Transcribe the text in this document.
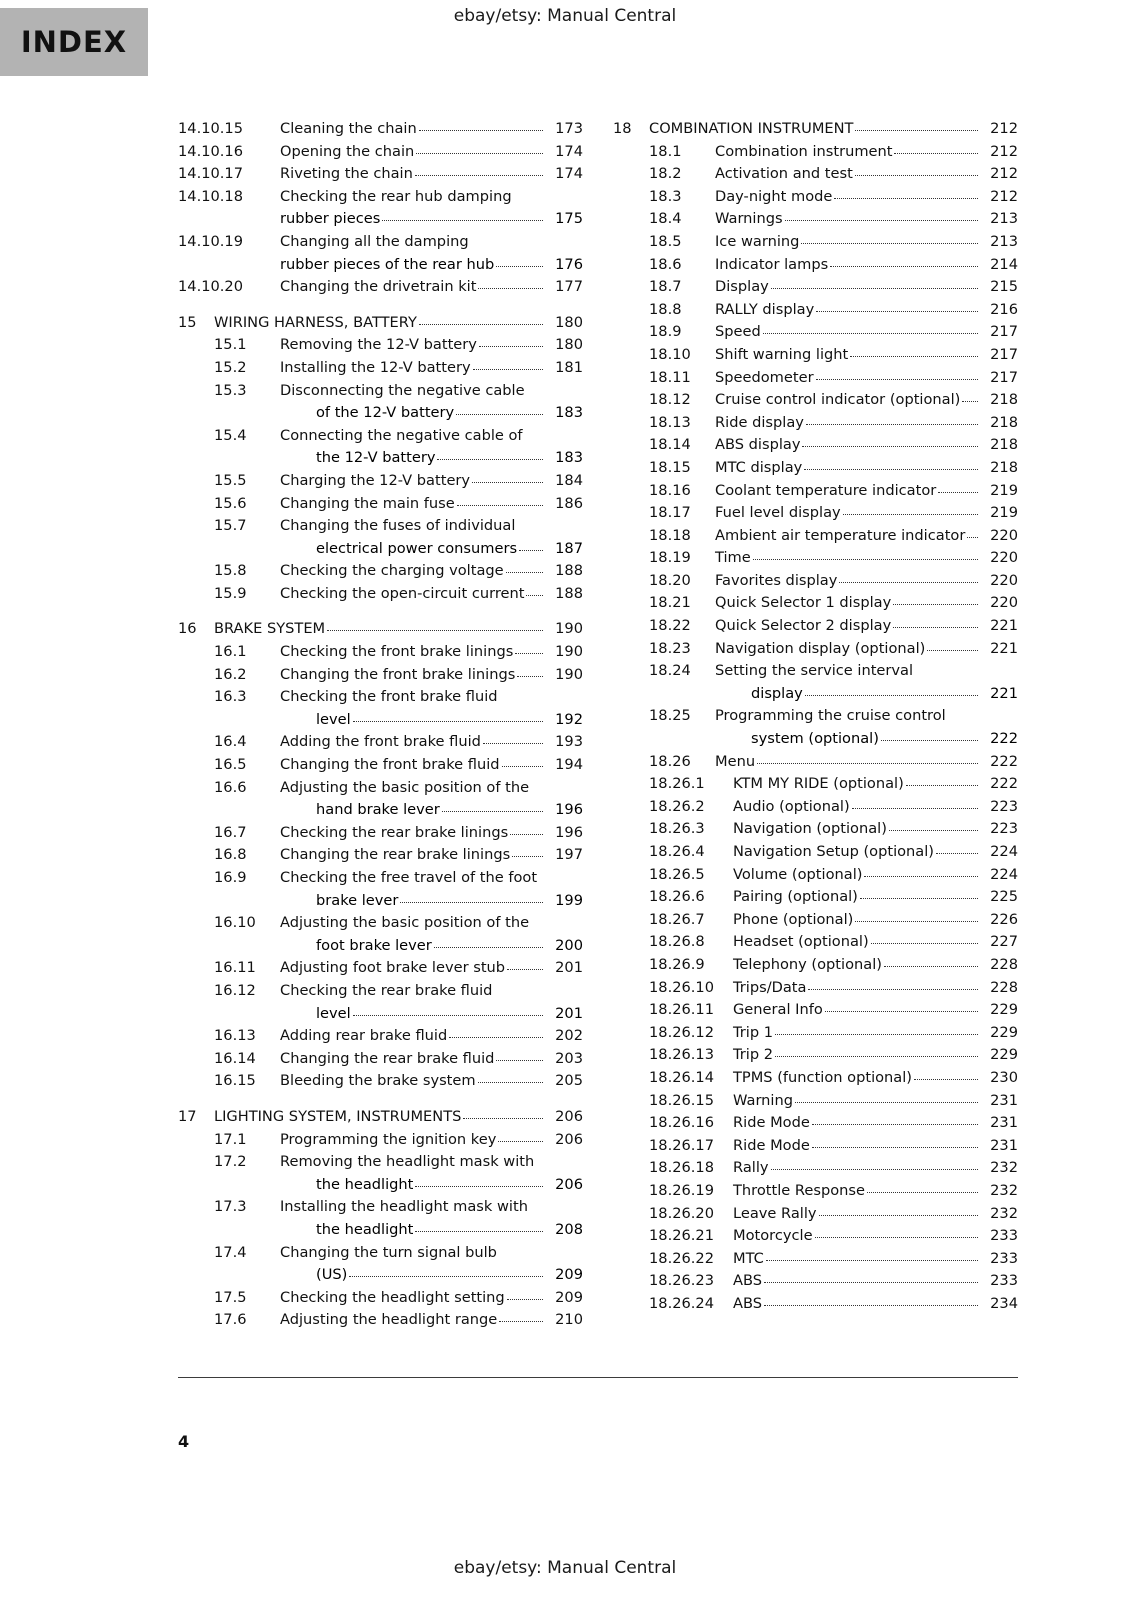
ebay/etsy: Manual Central
INDEX
14.10.15	Cleaning the chain	173
14.10.16	Opening the chain	174
14.10.17	Riveting the chain	174
14.10.18	Checking the rear hub damping

rubber pieces	175
14.10.19	Changing all the damping

rubber pieces of the rear hub	176
14.10.20	Changing the drivetrain kit	177
15	WIRING HARNESS, BATTERY	180
15.1	Removing the 12-V battery	180
15.2	Installing the 12-V battery	181
15.3	Disconnecting the negative cable

of the 12-V battery	183
15.4	Connecting the negative cable of

the 12-V battery	183
15.5	Charging the 12-V battery	184
15.6	Changing the main fuse	186
15.7	Changing the fuses of individual

electrical power consumers	187
15.8	Checking the charging voltage	188
15.9	Checking the open-circuit current	188
16	BRAKE SYSTEM	190
16.1	Checking the front brake linings	190
16.2	Changing the front brake linings	190
16.3	Checking the front brake fluid

level	192
16.4	Adding the front brake fluid	193
16.5	Changing the front brake fluid	194
16.6	Adjusting the basic position of the

hand brake lever	196
16.7	Checking the rear brake linings	196
16.8	Changing the rear brake linings	197
16.9	Checking the free travel of the foot

brake lever	199
16.10	Adjusting the basic position of the

foot brake lever	200
16.11	Adjusting foot brake lever stub	201
16.12	Checking the rear brake fluid

level	201
16.13	Adding rear brake fluid	202
16.14	Changing the rear brake fluid	203
16.15	Bleeding the brake system	205
17	LIGHTING SYSTEM, INSTRUMENTS	206
17.1	Programming the ignition key	206
17.2	Removing the headlight mask with

the headlight	206
17.3	Installing the headlight mask with

the headlight	208
17.4	Changing the turn signal bulb

(US)	209
17.5	Checking the headlight setting	209
17.6	Adjusting the headlight range	210
18	COMBINATION INSTRUMENT	212
18.1	Combination instrument	212
18.2	Activation and test	212
18.3	Day-night mode	212
18.4	Warnings	213
18.5	Ice warning	213
18.6	Indicator lamps	214
18.7	Display	215
18.8	RALLY display	216
18.9	Speed	217
18.10	Shift warning light	217
18.11	Speedometer	217
18.12	Cruise control indicator (optional)	218
18.13	Ride display	218
18.14	ABS display	218
18.15	MTC display	218
18.16	Coolant temperature indicator	219
18.17	Fuel level display	219
18.18	Ambient air temperature indicator	220
18.19	Time	220
18.20	Favorites display	220
18.21	Quick Selector 1 display	220
18.22	Quick Selector 2 display	221
18.23	Navigation display (optional)	221
18.24	Setting the service interval

display	221
18.25	Programming the cruise control

system (optional)	222
18.26	Menu	222
18.26.1	KTM MY RIDE (optional)	222
18.26.2	Audio (optional)	223
18.26.3	Navigation (optional)	223
18.26.4	Navigation Setup (optional)	224
18.26.5	Volume (optional)	224
18.26.6	Pairing (optional)	225
18.26.7	Phone (optional)	226
18.26.8	Headset (optional)	227
18.26.9	Telephony (optional)	228
18.26.10	Trips/Data	228
18.26.11	General Info	229
18.26.12	Trip 1	229
18.26.13	Trip 2	229
18.26.14	TPMS (function optional)	230
18.26.15	Warning	231
18.26.16	Ride Mode	231
18.26.17	Ride Mode	231
18.26.18	Rally	232
18.26.19	Throttle Response	232
18.26.20	Leave Rally	232
18.26.21	Motorcycle	233
18.26.22	MTC	233
18.26.23	ABS	233
18.26.24	ABS	234
4
ebay/etsy: Manual Central
